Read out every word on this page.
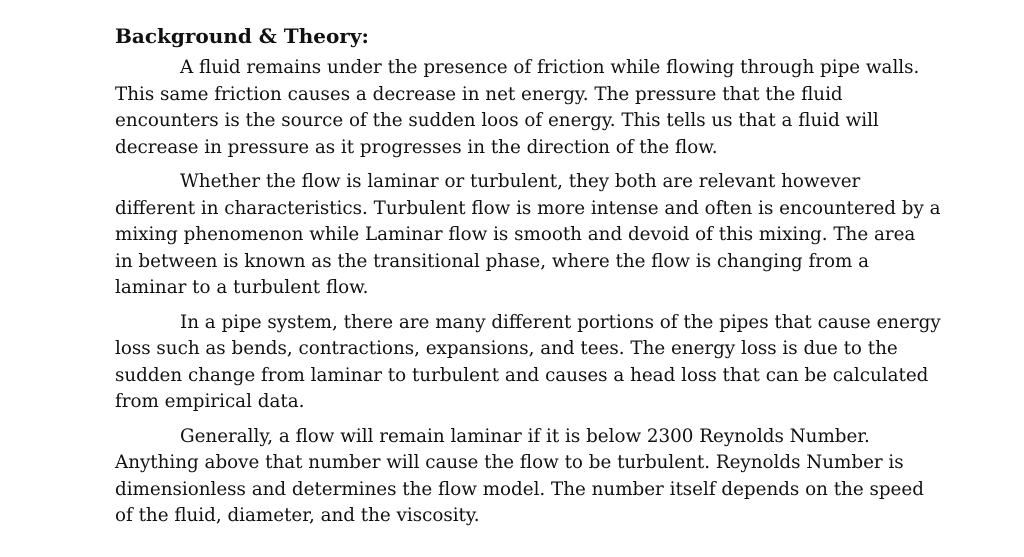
Background & Theory:
A fluid remains under the presence of friction while flowing through pipe walls.
This same friction causes a decrease in net energy. The pressure that the fluid
encounters is the source of the sudden loos of energy. This tells us that a fluid will
decrease in pressure as it progresses in the direction of the flow.
Whether the flow is laminar or turbulent, they both are relevant however
different in characteristics. Turbulent flow is more intense and often is encountered by a
mixing phenomenon while Laminar flow is smooth and devoid of this mixing. The area
in between is known as the transitional phase, where the flow is changing from a
laminar to a turbulent flow.
In a pipe system, there are many different portions of the pipes that cause energy
loss such as bends, contractions, expansions, and tees. The energy loss is due to the
sudden change from laminar to turbulent and causes a head loss that can be calculated
from empirical data.
Generally, a flow will remain laminar if it is below 2300 Reynolds Number.
Anything above that number will cause the flow to be turbulent. Reynolds Number is
dimensionless and determines the flow model. The number itself depends on the speed
of the fluid, diameter, and the viscosity.
